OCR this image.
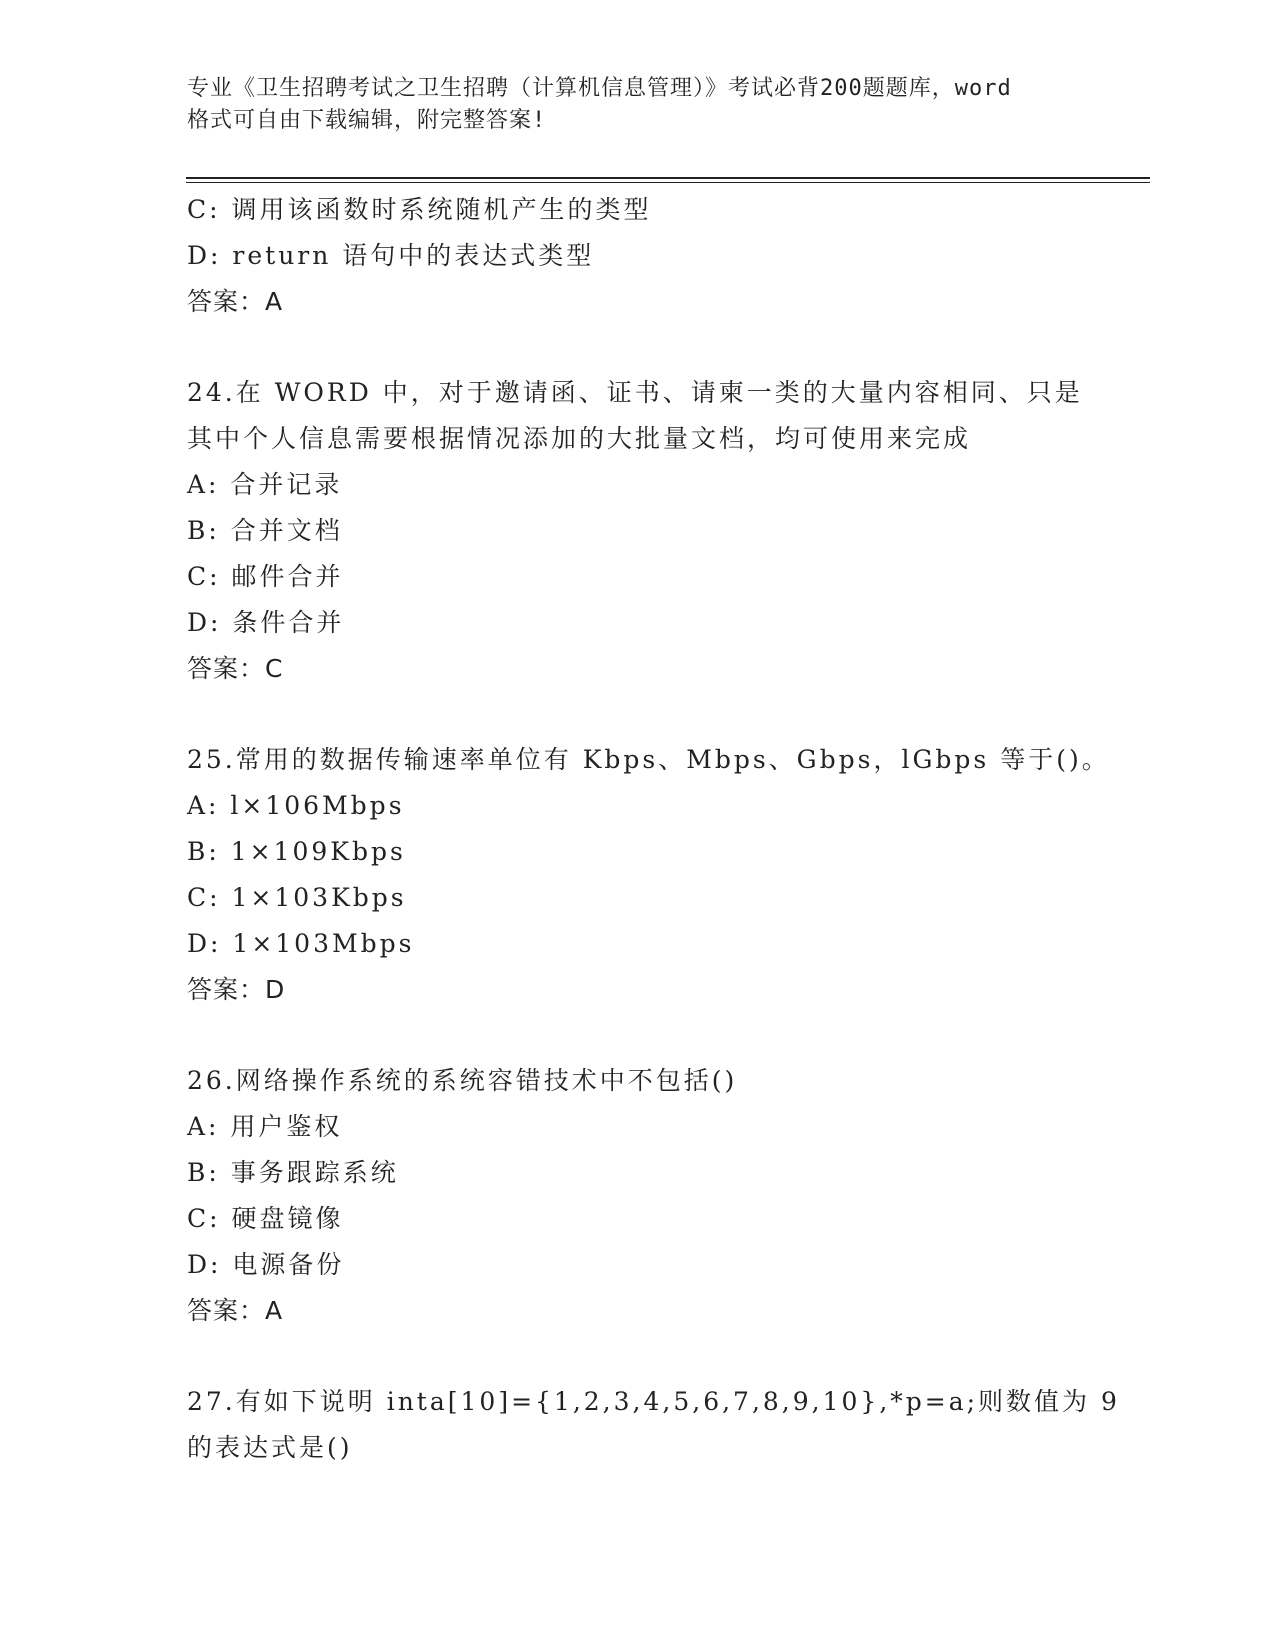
专业《卫生招聘考试之卫生招聘（计算机信息管理）》考试必背200题题库，word
格式可自由下载编辑，附完整答案!
C: 调用该函数时系统随机产生的类型
D: return 语句中的表达式类型
答案：A
24.在 WORD 中，对于邀请函、证书、请柬一类的大量内容相同、只是
其中个人信息需要根据情况添加的大批量文档，均可使用来完成
A: 合并记录
B: 合并文档
C: 邮件合并
D: 条件合并
答案：C
25.常用的数据传输速率单位有 Kbps、Mbps、Gbps，lGbps 等于()。
A: l×106Mbps
B: 1×109Kbps
C: 1×103Kbps
D: 1×103Mbps
答案：D
26.网络操作系统的系统容错技术中不包括()
A: 用户鉴权
B: 事务跟踪系统
C: 硬盘镜像
D: 电源备份
答案：A
27.有如下说明 inta[10]={1,2,3,4,5,6,7,8,9,10},*p=a;则数值为 9
的表达式是()
